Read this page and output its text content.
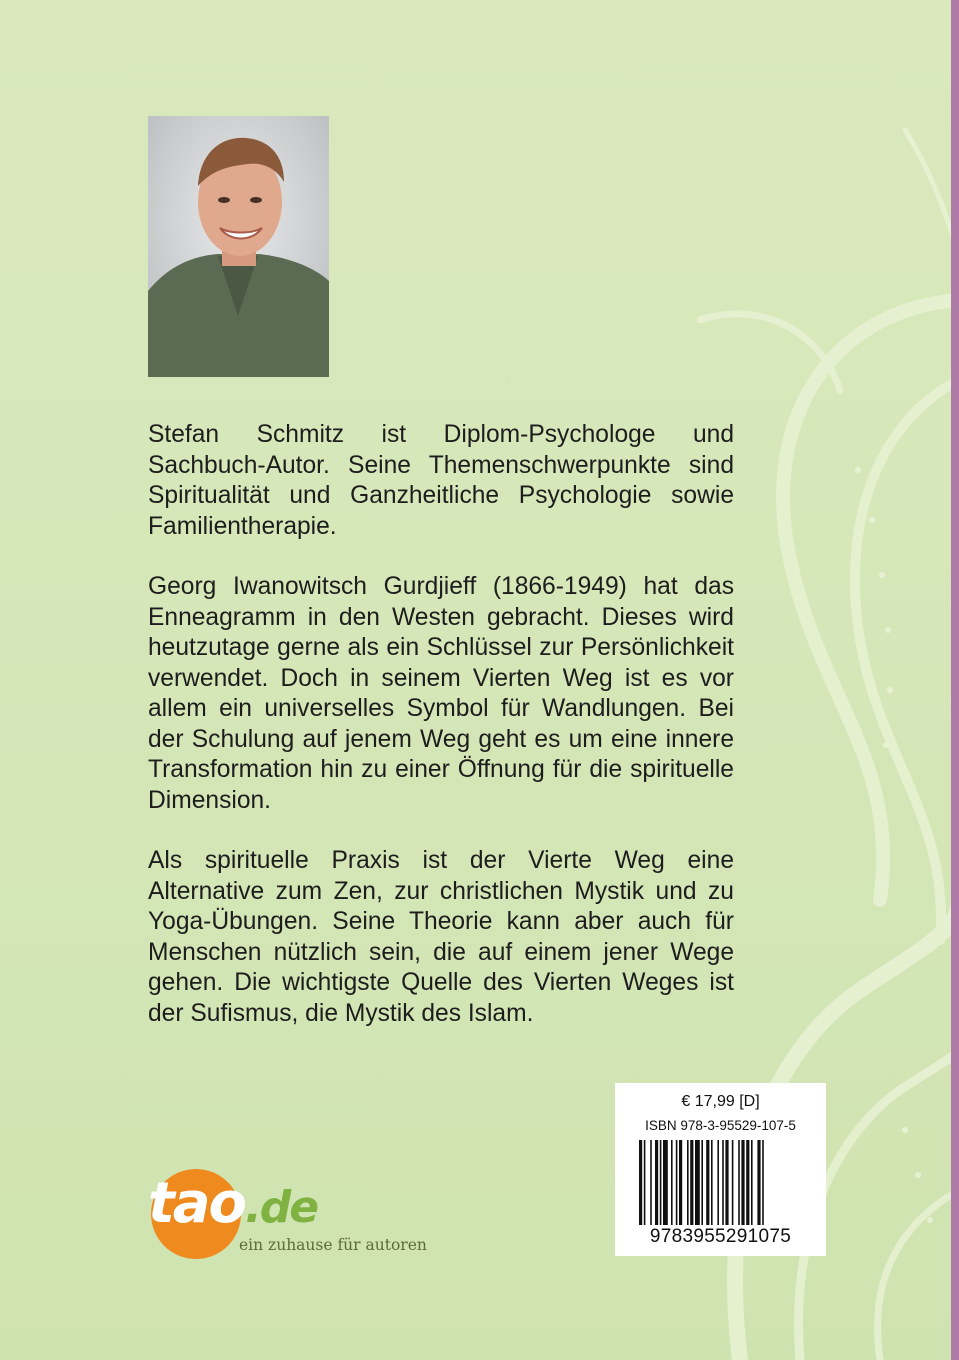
Stefan Schmitz ist Diplom-Psychologe und Sachbuch-Autor. Seine Themenschwerpunkte sind Spiritualität und Ganzheitliche Psychologie sowie Familientherapie.

Georg Iwanowitsch Gurdjieff (1866-1949) hat das Enneagramm in den Westen gebracht. Dieses wird heutzutage gerne als ein Schlüssel zur Persönlichkeit verwendet. Doch in seinem Vierten Weg ist es vor allem ein universelles Symbol für Wandlungen. Bei der Schulung auf jenem Weg geht es um eine innere Transformation hin zu einer Öffnung für die spirituelle Dimension.

Als spirituelle Praxis ist der Vierte Weg eine Alternative zum Zen, zur christlichen Mystik und zu Yoga-Übungen. Seine Theorie kann aber auch für Menschen nützlich sein, die auf einem jener Wege gehen. Die wichtigste Quelle des Vierten Weges ist der Sufismus, die Mystik des Islam.

tao.de
ein zuhause für autoren
€ 17,99 [D]
ISBN 978-3-95529-107-5
9783955291075
